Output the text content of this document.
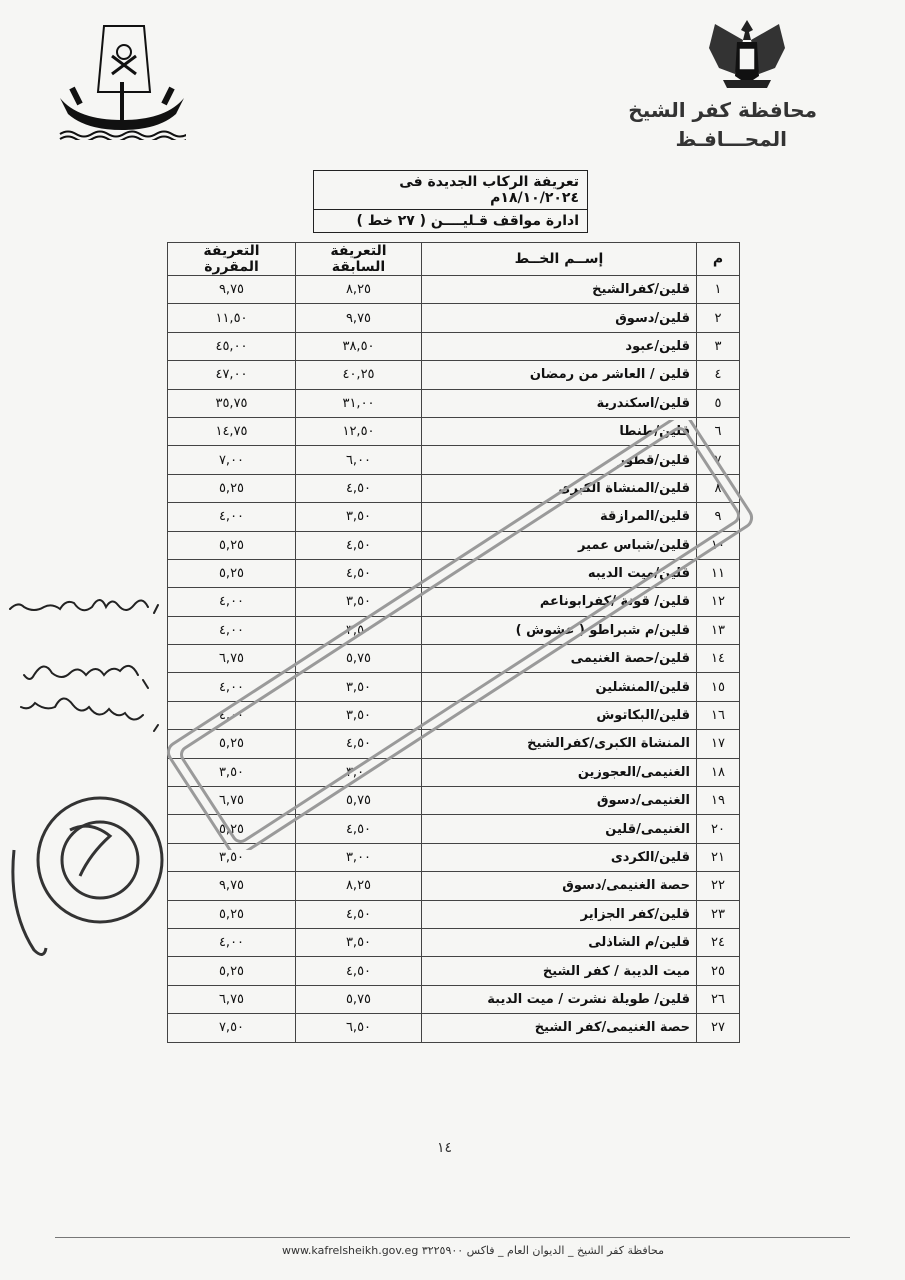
محافظة كفر الشيخ
المحـــافـظ
تعريفة الركاب الجديدة فى ١٨/١٠/٢٠٢٤م
ادارة مواقف قـليــــن ( ٢٧ خط )
م	إســم الخــط	التعريفة السابقة	التعريفة المقررة
١	قلين/كفرالشيخ	٨,٢٥	٩,٧٥
٢	قلين/دسوق	٩,٧٥	١١,٥٠
٣	قلين/عبود	٣٨,٥٠	٤٥,٠٠
٤	قلين / العاشر من رمضان	٤٠,٢٥	٤٧,٠٠
٥	قلين/اسكندرية	٣١,٠٠	٣٥,٧٥
٦	قلين/طنطا	١٢,٥٠	١٤,٧٥
٧	قلين/قطور	٦,٠٠	٧,٠٠
٨	قلين/المنشاة الكبرى	٤,٥٠	٥,٢٥
٩	قلين/المرازقة	٣,٥٠	٤,٠٠
١٠	قلين/شباس عمير	٤,٥٠	٥,٢٥
١١	قلين/ميت الديبه	٤,٥٠	٥,٢٥
١٢	قلين/ قونة /كفرابوناعم	٣,٥٠	٤,٠٠
١٣	قلين/م شبراطو ( عشوش )	٣,٥٠	٤,٠٠
١٤	قلين/حصة الغنيمى	٥,٧٥	٦,٧٥
١٥	قلين/المنشلين	٣,٥٠	٤,٠٠
١٦	قلين/البكاتوش	٣,٥٠	٤,٠٠
١٧	المنشاة الكبرى/كفرالشيخ	٤,٥٠	٥,٢٥
١٨	الغنيمى/العجوزين	٣,٠٠	٣,٥٠
١٩	الغنيمى/دسوق	٥,٧٥	٦,٧٥
٢٠	الغنيمى/قلين	٤,٥٠	٥,٢٥
٢١	قلين/الكردى	٣,٠٠	٣,٥٠
٢٢	حصة الغنيمى/دسوق	٨,٢٥	٩,٧٥
٢٣	قلين/كفر الجزاير	٤,٥٠	٥,٢٥
٢٤	قلين/م الشاذلى	٣,٥٠	٤,٠٠
٢٥	ميت الديبة / كفر الشيخ	٤,٥٠	٥,٢٥
٢٦	قلين/ طويلة نشرت / ميت الديبة	٥,٧٥	٦,٧٥
٢٧	حصة الغنيمى/كفر الشيخ	٦,٥٠	٧,٥٠
١٤
محافظة كفر الشيخ _ الديوان العام _ فاكس ٣٢٢٥٩٠٠ www.kafrelsheikh.gov.eg
